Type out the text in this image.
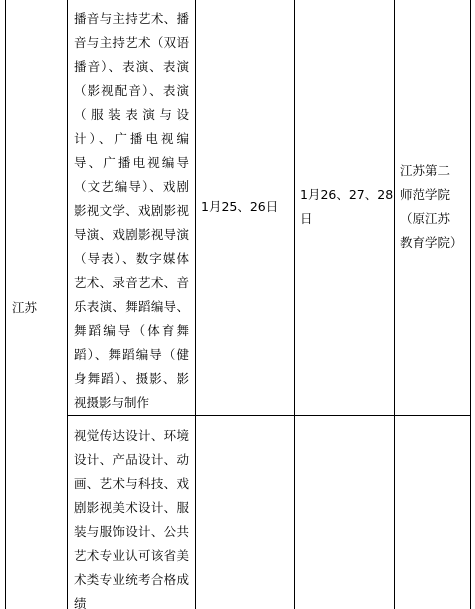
江苏	播音与主持艺术、播音与主持艺术（双语播音）、表演、表演（影视配音）、表演（服装表演与设计）、广播电视编导、广播电视编导（文艺编导）、戏剧影视文学、戏剧影视导演、戏剧影视导演（导表）、数字媒体艺术、录音艺术、音乐表演、舞蹈编导、舞蹈编导（体育舞蹈）、舞蹈编导（健身舞蹈）、摄影、影视摄影与制作	1月25、26日	1月26、27、28日	江苏第二师范学院（原江苏教育学院）
	视觉传达设计、环境设计、产品设计、动画、艺术与科技、戏剧影视美术设计、服装与服饰设计、公共艺术专业认可该省美术类专业统考合格成绩			
